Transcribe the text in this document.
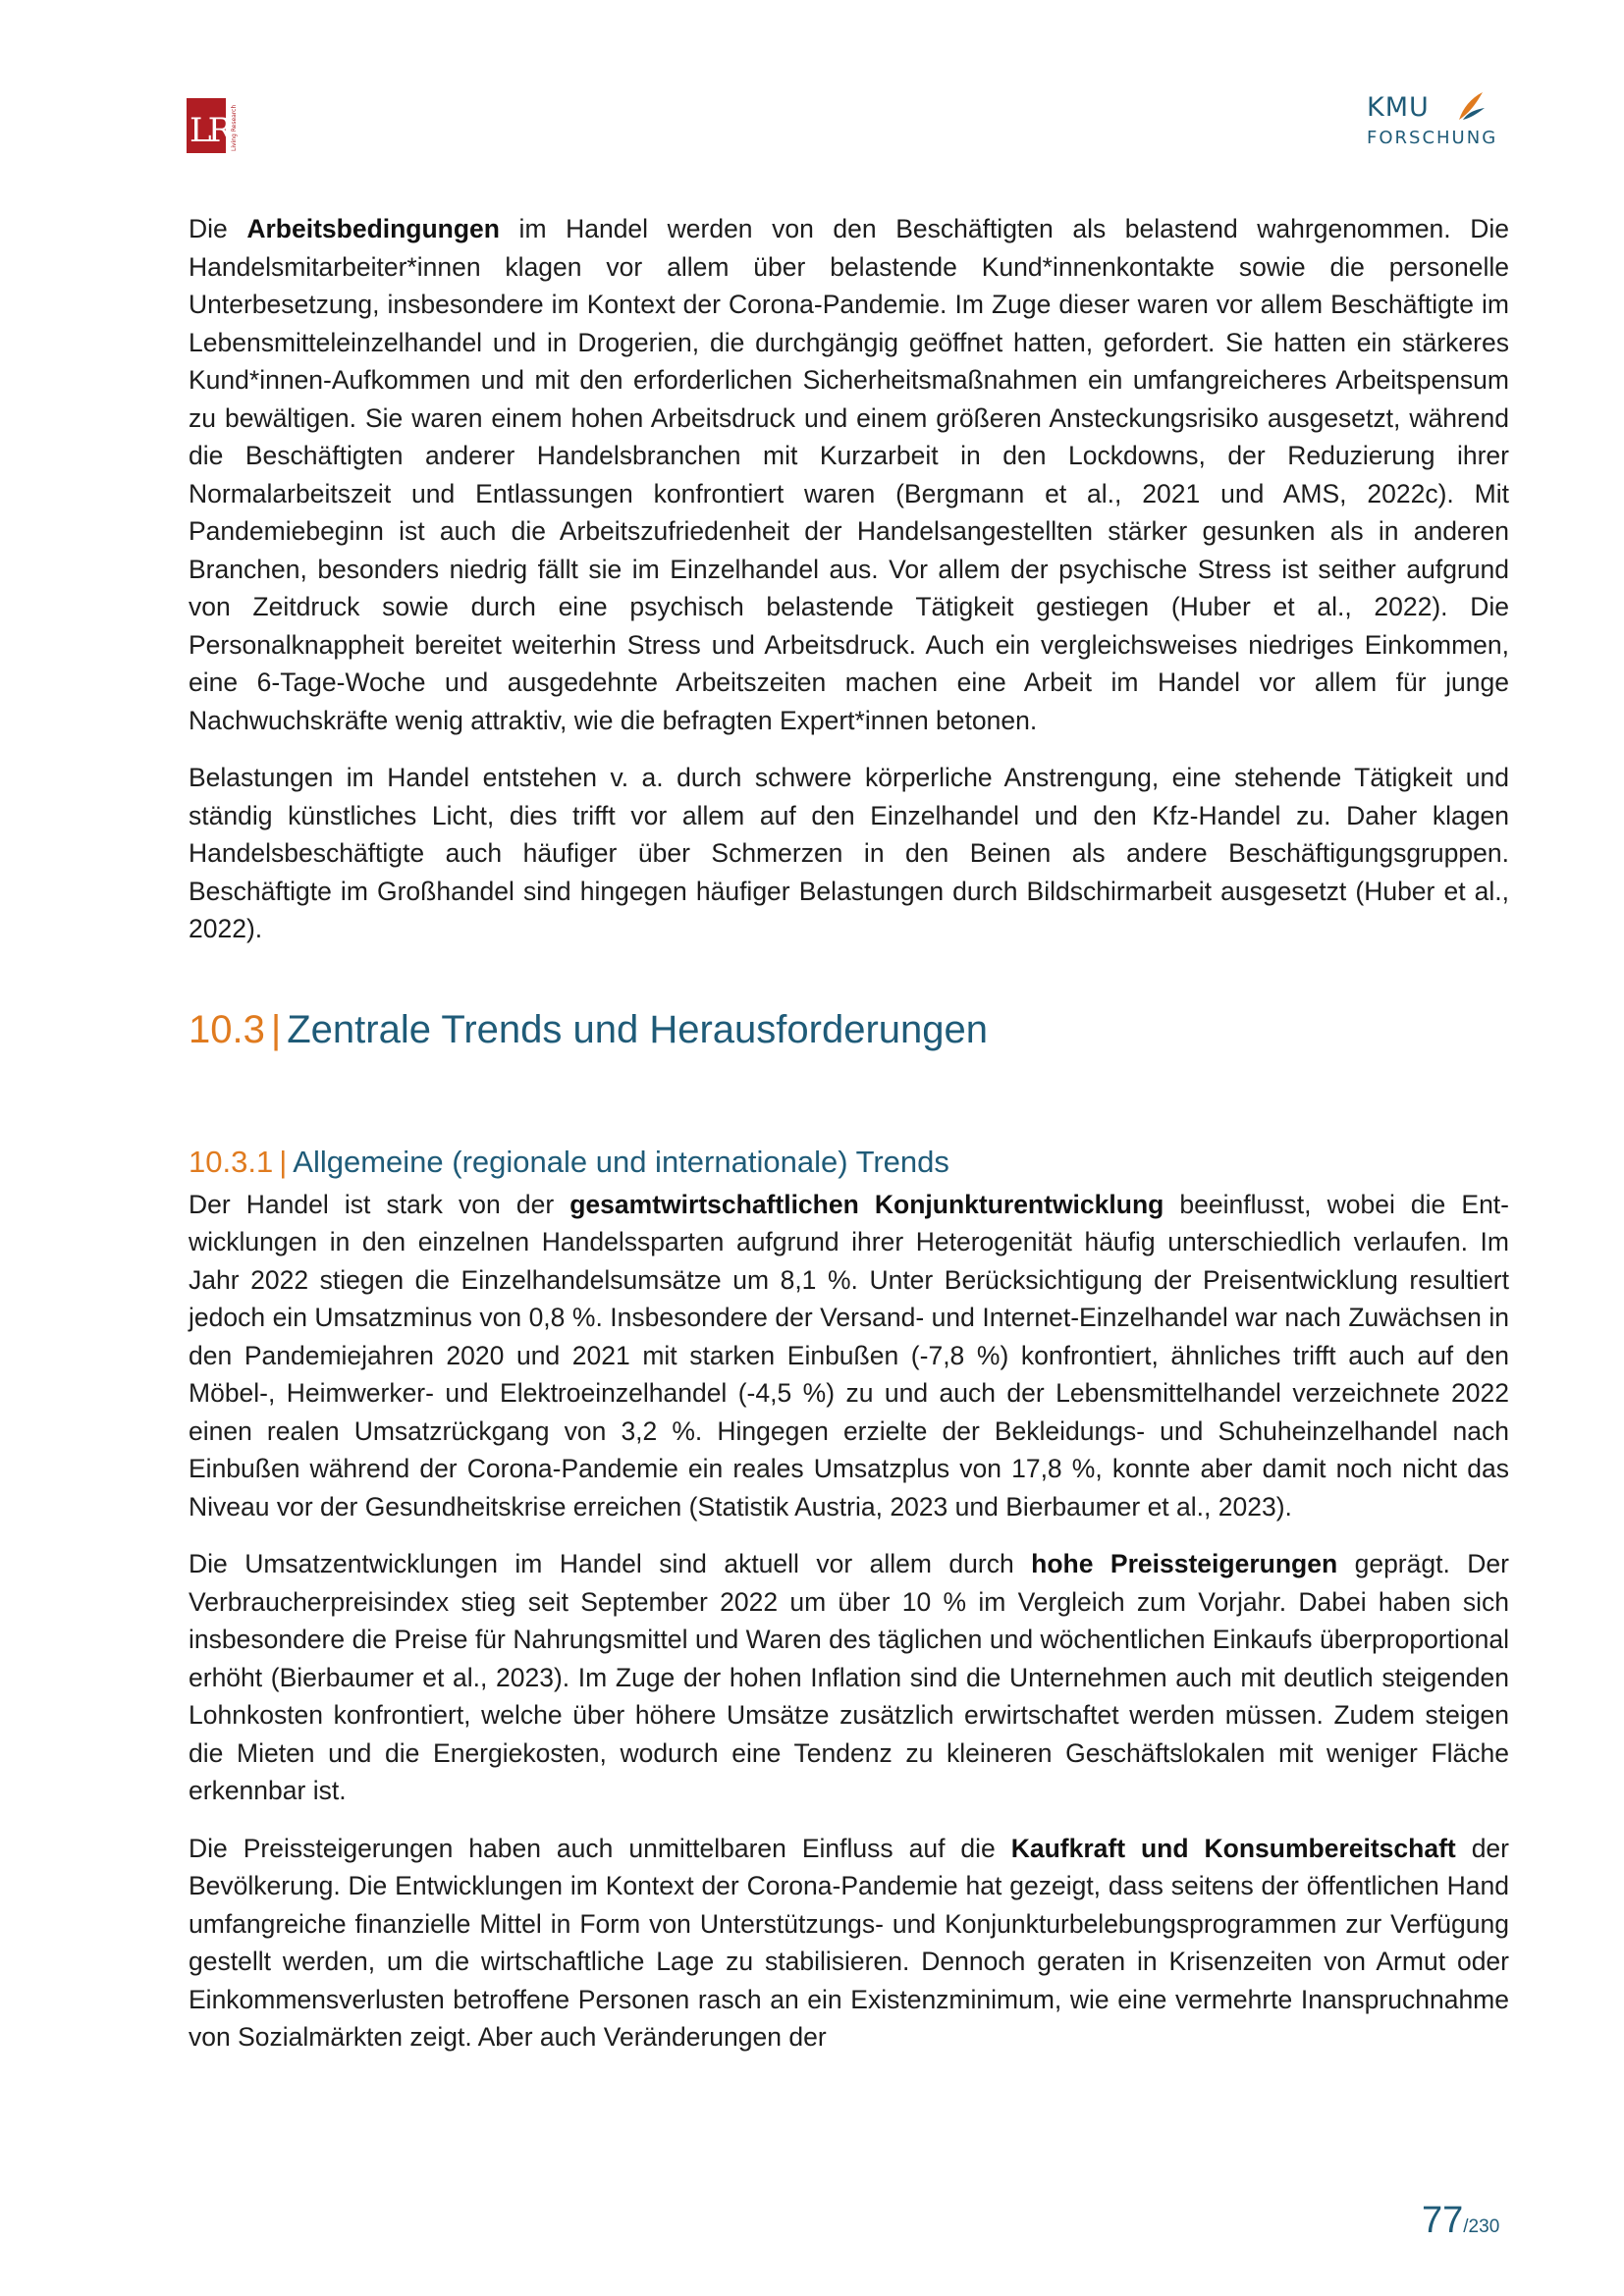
LR Living Research	KMU
FORSCHUNG

Die Arbeitsbedingungen im Handel werden von den Beschäftigten als belastend wahrgenommen. Die Handelsmitarbeiter*innen klagen vor allem über belastende Kund*innenkontakte sowie die personelle Unterbesetzung, insbesondere im Kontext der Corona-Pandemie. Im Zuge dieser waren vor allem Beschäftigte im Lebensmitteleinzelhandel und in Drogerien, die durchgängig geöffnet hatten, gefordert. Sie hatten ein stärkeres Kund*innen-Aufkommen und mit den erforderlichen Sicherheitsmaßnahmen ein umfangreicheres Arbeitspensum zu bewältigen. Sie waren einem hohen Arbeitsdruck und einem größeren Ansteckungsrisiko ausgesetzt, während die Beschäftigten anderer Handelsbranchen mit Kurzarbeit in den Lockdowns, der Reduzierung ihrer Normalarbeitszeit und Entlassungen konfrontiert waren (Bergmann et al., 2021 und AMS, 2022c). Mit Pandemiebeginn ist auch die Arbeitszufriedenheit der Handelsangestellten stärker gesunken als in anderen Branchen, besonders niedrig fällt sie im Einzelhandel aus. Vor allem der psychische Stress ist seither aufgrund von Zeitdruck sowie durch eine psychisch belastende Tätigkeit gestiegen (Huber et al., 2022). Die Personalknappheit bereitet weiterhin Stress und Arbeitsdruck. Auch ein vergleichsweises niedriges Einkommen, eine 6-Tage-Woche und ausgedehnte Arbeitszeiten machen eine Arbeit im Handel vor allem für junge Nachwuchskräfte wenig attraktiv, wie die befragten Expert*innen betonen.

Belastungen im Handel entstehen v. a. durch schwere körperliche Anstrengung, eine stehende Tätigkeit und ständig künstliches Licht, dies trifft vor allem auf den Einzelhandel und den Kfz-Handel zu. Daher klagen Handelsbeschäftigte auch häufiger über Schmerzen in den Beinen als andere Beschäftigungsgruppen. Beschäftigte im Großhandel sind hingegen häufiger Belastungen durch Bildschirmarbeit ausgesetzt (Huber et al., 2022).

10.3 | Zentrale Trends und Herausforderungen
10.3.1 | Allgemeine (regionale und internationale) Trends

Der Handel ist stark von der gesamtwirtschaftlichen Konjunkturentwicklung beeinflusst, wobei die Entwicklungen in den einzelnen Handelssparten aufgrund ihrer Heterogenität häufig unterschiedlich verlaufen. Im Jahr 2022 stiegen die Einzelhandelsumsätze um 8,1 %. Unter Berücksichtigung der Preisentwicklung resultiert jedoch ein Umsatzminus von 0,8 %. Insbesondere der Versand- und Internet-Einzelhandel war nach Zuwächsen in den Pandemiejahren 2020 und 2021 mit starken Einbußen (-7,8 %) konfrontiert, ähnliches trifft auch auf den Möbel-, Heimwerker- und Elektroeinzelhandel (-4,5 %) zu und auch der Lebensmittelhandel verzeichnete 2022 einen realen Umsatzrückgang von 3,2 %. Hingegen erzielte der Bekleidungs- und Schuheinzelhandel nach Einbußen während der Corona-Pandemie ein reales Umsatzplus von 17,8 %, konnte aber damit noch nicht das Niveau vor der Gesundheitskrise erreichen (Statistik Austria, 2023 und Bierbaumer et al., 2023).

Die Umsatzentwicklungen im Handel sind aktuell vor allem durch hohe Preissteigerungen geprägt. Der Verbraucherpreisindex stieg seit September 2022 um über 10 % im Vergleich zum Vorjahr. Dabei haben sich insbesondere die Preise für Nahrungsmittel und Waren des täglichen und wöchentlichen Einkaufs überproportional erhöht (Bierbaumer et al., 2023). Im Zuge der hohen Inflation sind die Unternehmen auch mit deutlich steigenden Lohnkosten konfrontiert, welche über höhere Umsätze zusätzlich erwirtschaftet werden müssen. Zudem steigen die Mieten und die Energiekosten, wodurch eine Tendenz zu kleineren Geschäftslokalen mit weniger Fläche erkennbar ist.

Die Preissteigerungen haben auch unmittelbaren Einfluss auf die Kaufkraft und Konsumbereitschaft der Bevölkerung. Die Entwicklungen im Kontext der Corona-Pandemie hat gezeigt, dass seitens der öffentlichen Hand umfangreiche finanzielle Mittel in Form von Unterstützungs- und Konjunkturbelebungsprogrammen zur Verfügung gestellt werden, um die wirtschaftliche Lage zu stabilisieren. Dennoch geraten in Krisenzeiten von Armut oder Einkommensverlusten betroffene Personen rasch an ein Existenzminimum, wie eine vermehrte Inanspruchnahme von Sozialmärkten zeigt. Aber auch Veränderungen der

77/230
